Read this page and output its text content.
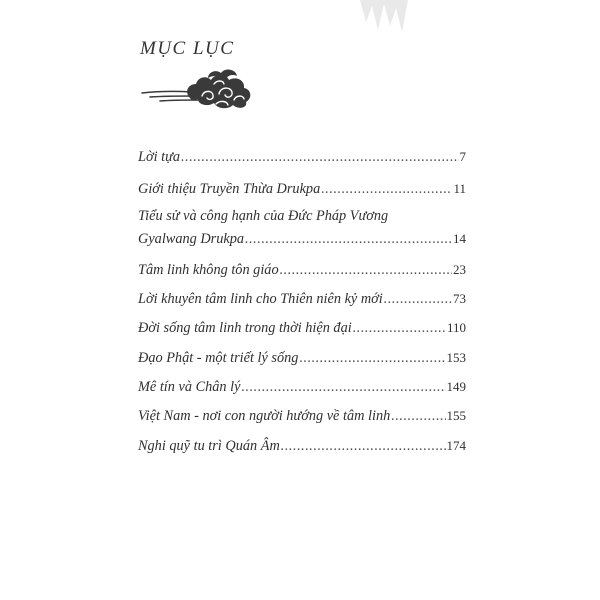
MỤC LỤC
Lời tựa .....	7
Giới thiệu Truyền Thừa Drukpa .....	11
Tiểu sử và công hạnh của Đức Pháp Vương
Gyalwang Drukpa .....	14
Tâm linh không tôn giáo .....	23
Lời khuyên tâm linh cho Thiên niên kỷ mới .....	73
Đời sống tâm linh trong thời hiện đại .....	110
Đạo Phật - một triết lý sống .....	153
Mê tín và Chân lý .....	149
Việt Nam - nơi con người hướng về tâm linh .....	155
Nghi quỹ tu trì Quán Âm .....	174
